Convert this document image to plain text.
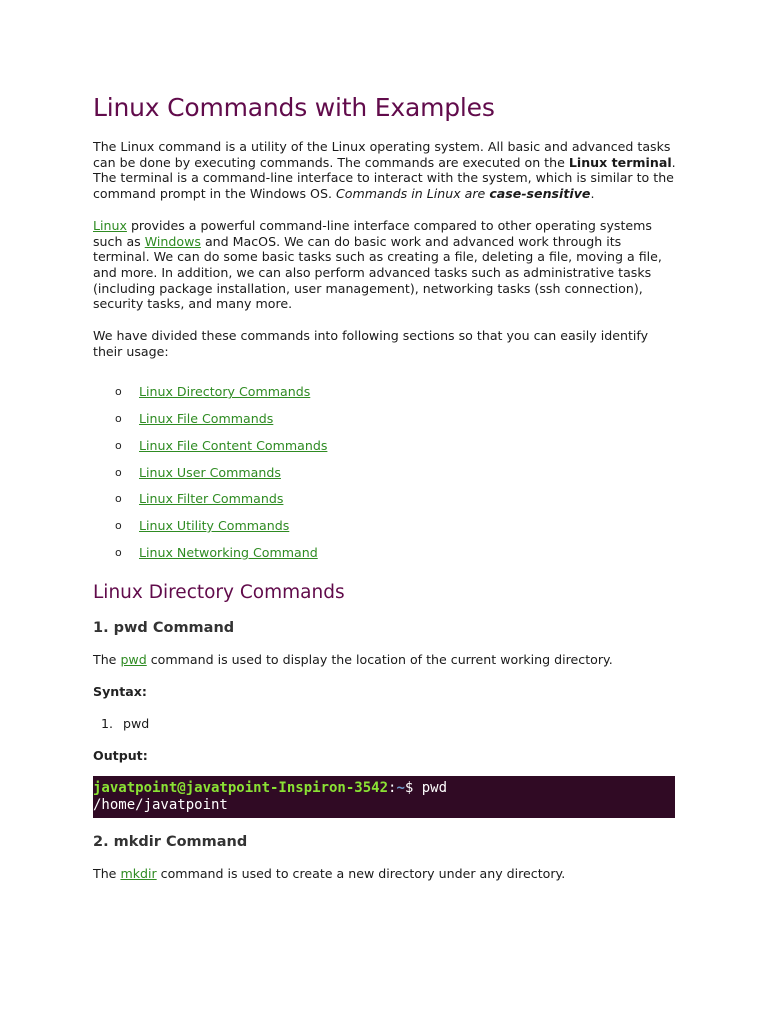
Linux Commands with Examples

The Linux command is a utility of the Linux operating system. All basic and advanced tasks can be done by executing commands. The commands are executed on the Linux terminal. The terminal is a command-line interface to interact with the system, which is similar to the command prompt in the Windows OS. Commands in Linux are case-sensitive.

Linux provides a powerful command-line interface compared to other operating systems such as Windows and MacOS. We can do basic work and advanced work through its terminal. We can do some basic tasks such as creating a file, deleting a file, moving a file, and more. In addition, we can also perform advanced tasks such as administrative tasks (including package installation, user management), networking tasks (ssh connection), security tasks, and many more.

We have divided these commands into following sections so that you can easily identify their usage:

o Linux Directory Commands
o Linux File Commands
o Linux File Content Commands
o Linux User Commands
o Linux Filter Commands
o Linux Utility Commands
o Linux Networking Command
Linux Directory Commands
1. pwd Command

The pwd command is used to display the location of the current working directory.

Syntax:
1. pwd
Output:
javatpoint@javatpoint-Inspiron-3542:~$ pwd
/home/javatpoint
2. mkdir Command

The mkdir command is used to create a new directory under any directory.
